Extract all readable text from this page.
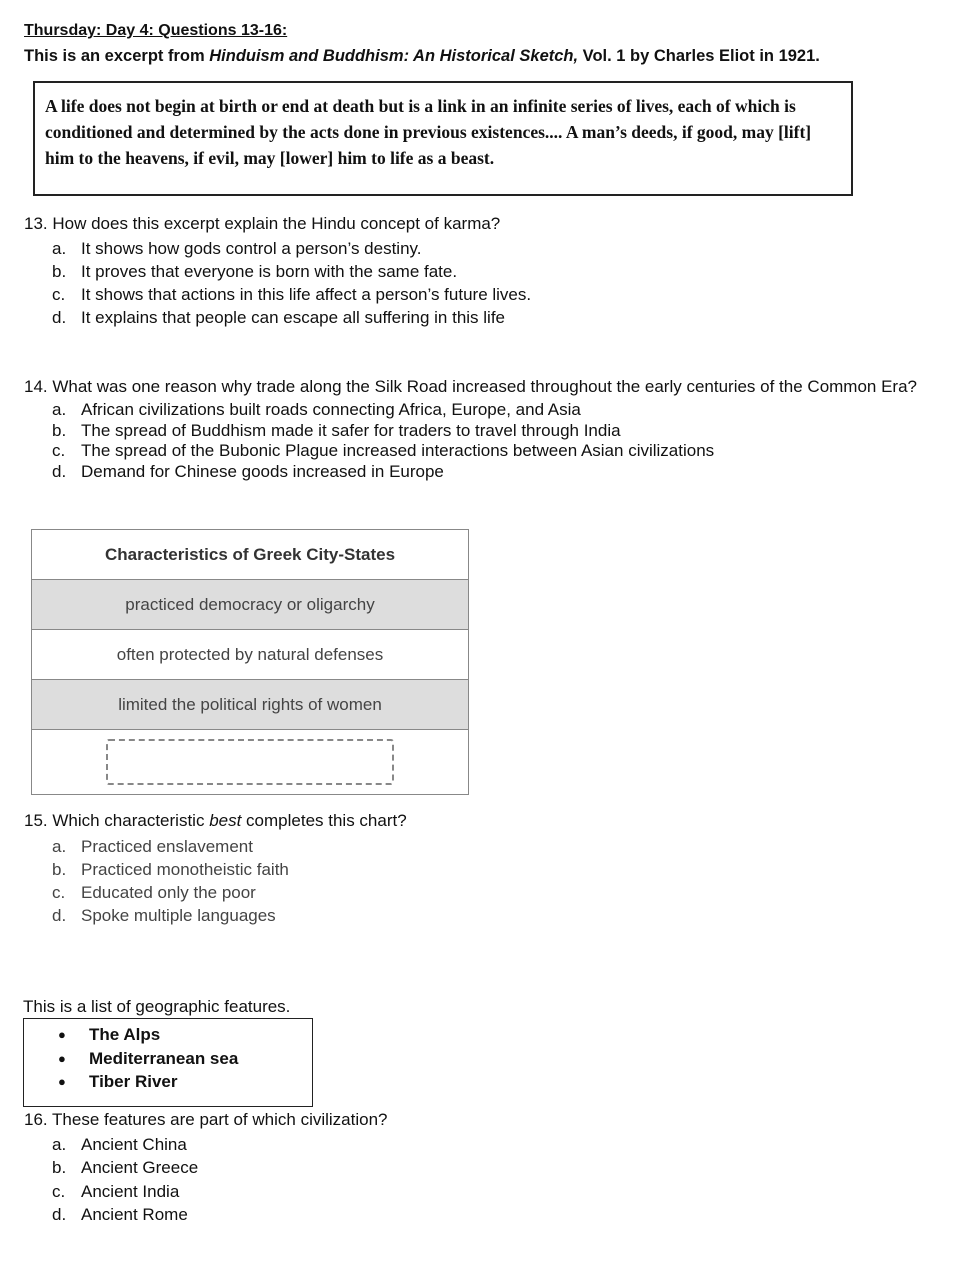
Thursday: Day 4: Questions 13-16:
This is an excerpt from Hinduism and Buddhism: An Historical Sketch, Vol. 1 by Charles Eliot in 1921.
A life does not begin at birth or end at death but is a link in an infinite series of lives, each of which is conditioned and determined by the acts done in previous existences.... A man’s deeds, if good, may [lift] him to the heavens, if evil, may [lower] him to life as a beast.
13. How does this excerpt explain the Hindu concept of karma?
a. It shows how gods control a person’s destiny.
b. It proves that everyone is born with the same fate.
c. It shows that actions in this life affect a person’s future lives.
d. It explains that people can escape all suffering in this life
14. What was one reason why trade along the Silk Road increased throughout the early centuries of the Common Era?
a. African civilizations built roads connecting Africa, Europe, and Asia
b. The spread of Buddhism made it safer for traders to travel through India
c. The spread of the Bubonic Plague increased interactions between Asian civilizations
d. Demand for Chinese goods increased in Europe
Characteristics of Greek City-States
practiced democracy or oligarchy
often protected by natural defenses
limited the political rights of women
15. Which characteristic best completes this chart?
a. Practiced enslavement
b. Practiced monotheistic faith
c. Educated only the poor
d. Spoke multiple languages
This is a list of geographic features.
● The Alps
● Mediterranean sea
● Tiber River
16. These features are part of which civilization?
a. Ancient China
b. Ancient Greece
c. Ancient India
d. Ancient Rome
